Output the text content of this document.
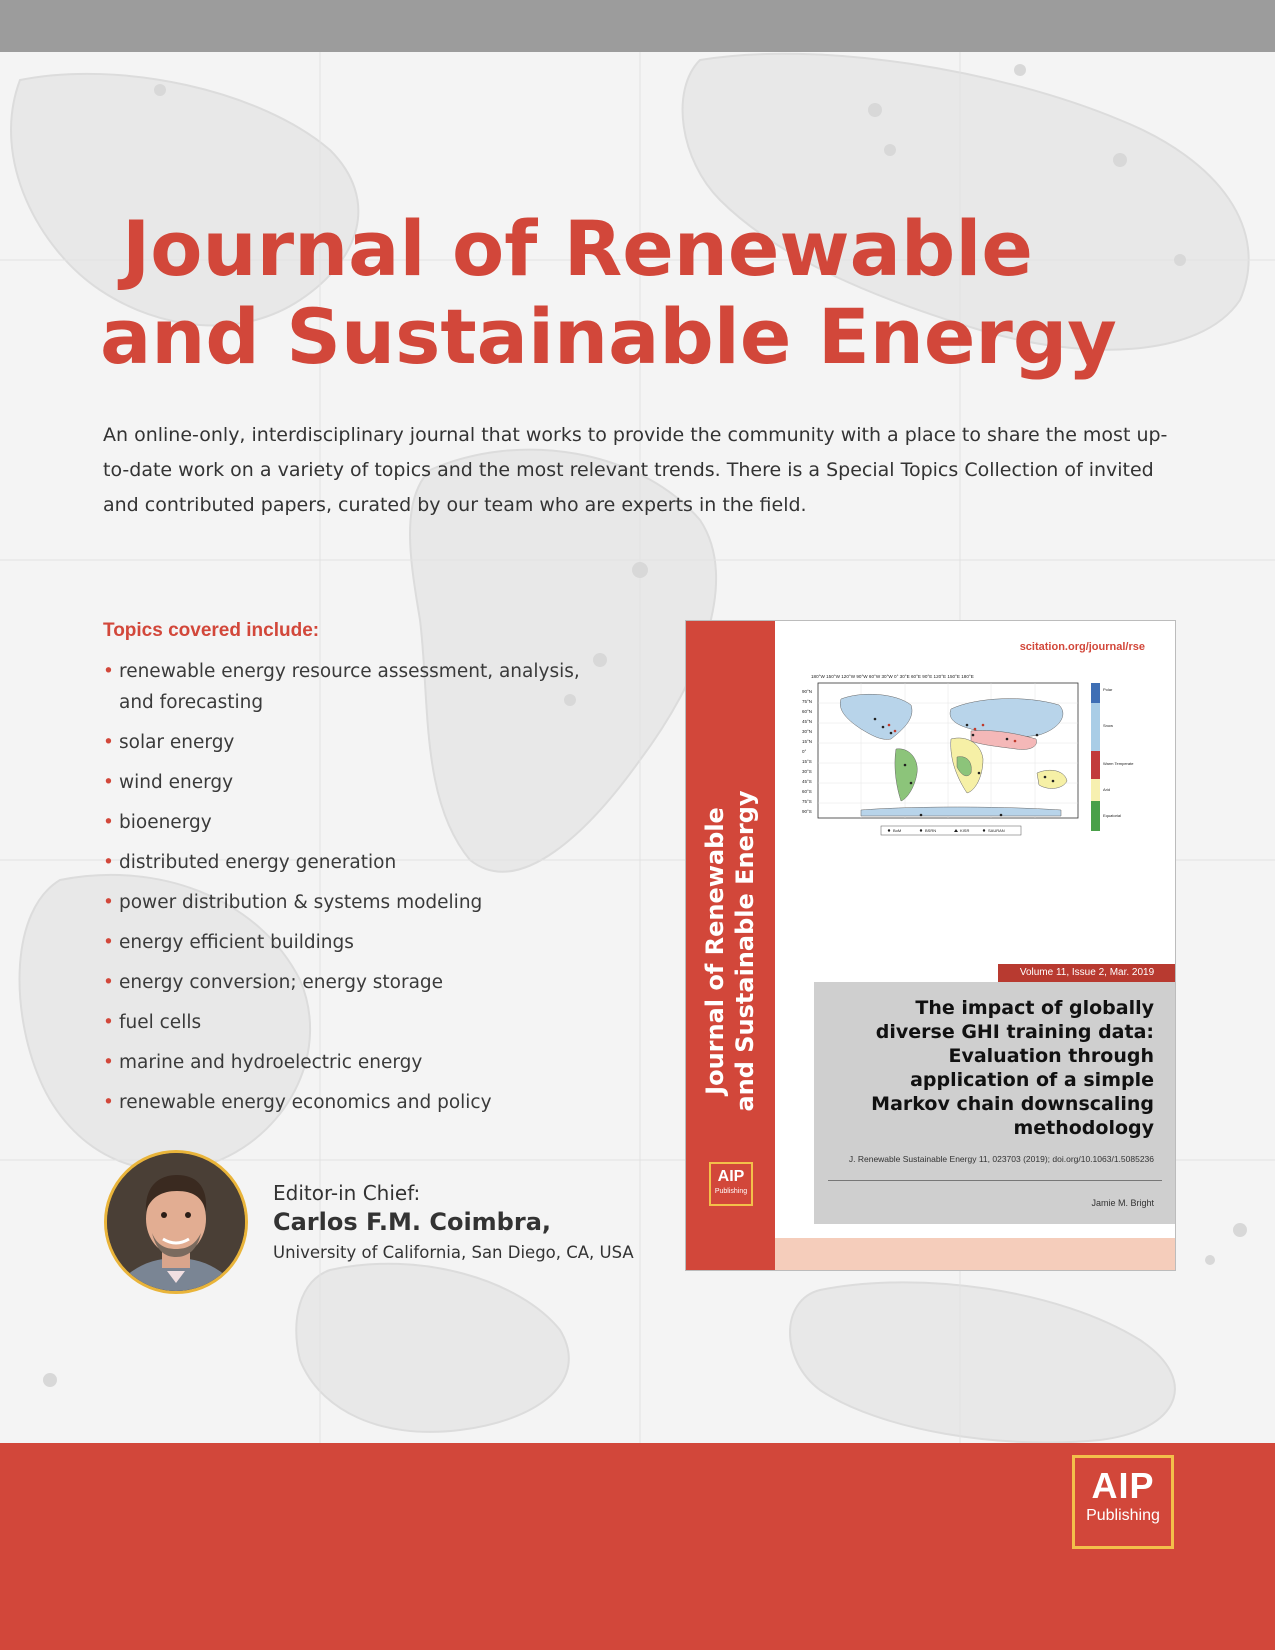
Journal of Renewable
and Sustainable Energy

An online-only, interdisciplinary journal that works to provide the community with a place to share the most up-to-date work on a variety of topics and the most relevant trends. There is a Special Topics Collection of invited and contributed papers, curated by our team who are experts in the field.

Topics covered include:
• renewable energy resource assessment, analysis, and forecasting
• solar energy
• wind energy
• bioenergy
• distributed energy generation
• power distribution & systems modeling
• energy efficient buildings
• energy conversion; energy storage
• fuel cells
• marine and hydroelectric energy
• renewable energy economics and policy
Editor-in Chief:
Carlos F.M. Coimbra,
University of California, San Diego, CA, USA
Journal of Renewable and Sustainable Energy
AIP
Publishing
scitation.org/journal/rse
180°W 150°W 120°W 90°W 60°W 30°W 0° 30°E 60°E 90°E 120°E 150°E 180°E
90°N
75°N
60°N
45°N
30°N
15°N
0°
15°S
30°S
45°S
60°S
75°S
90°S
Polar
Snow
Warm Temperate
Arid
Equatorial
BoM	BSRN	KISR	SAURAN
Volume 11, Issue 2, Mar. 2019

The impact of globally diverse GHI training data: Evaluation through application of a simple Markov chain downscaling methodology

J. Renewable Sustainable Energy 11, 023703 (2019); doi.org/10.1063/1.5085236
Jamie M. Bright
AIP
Publishing
